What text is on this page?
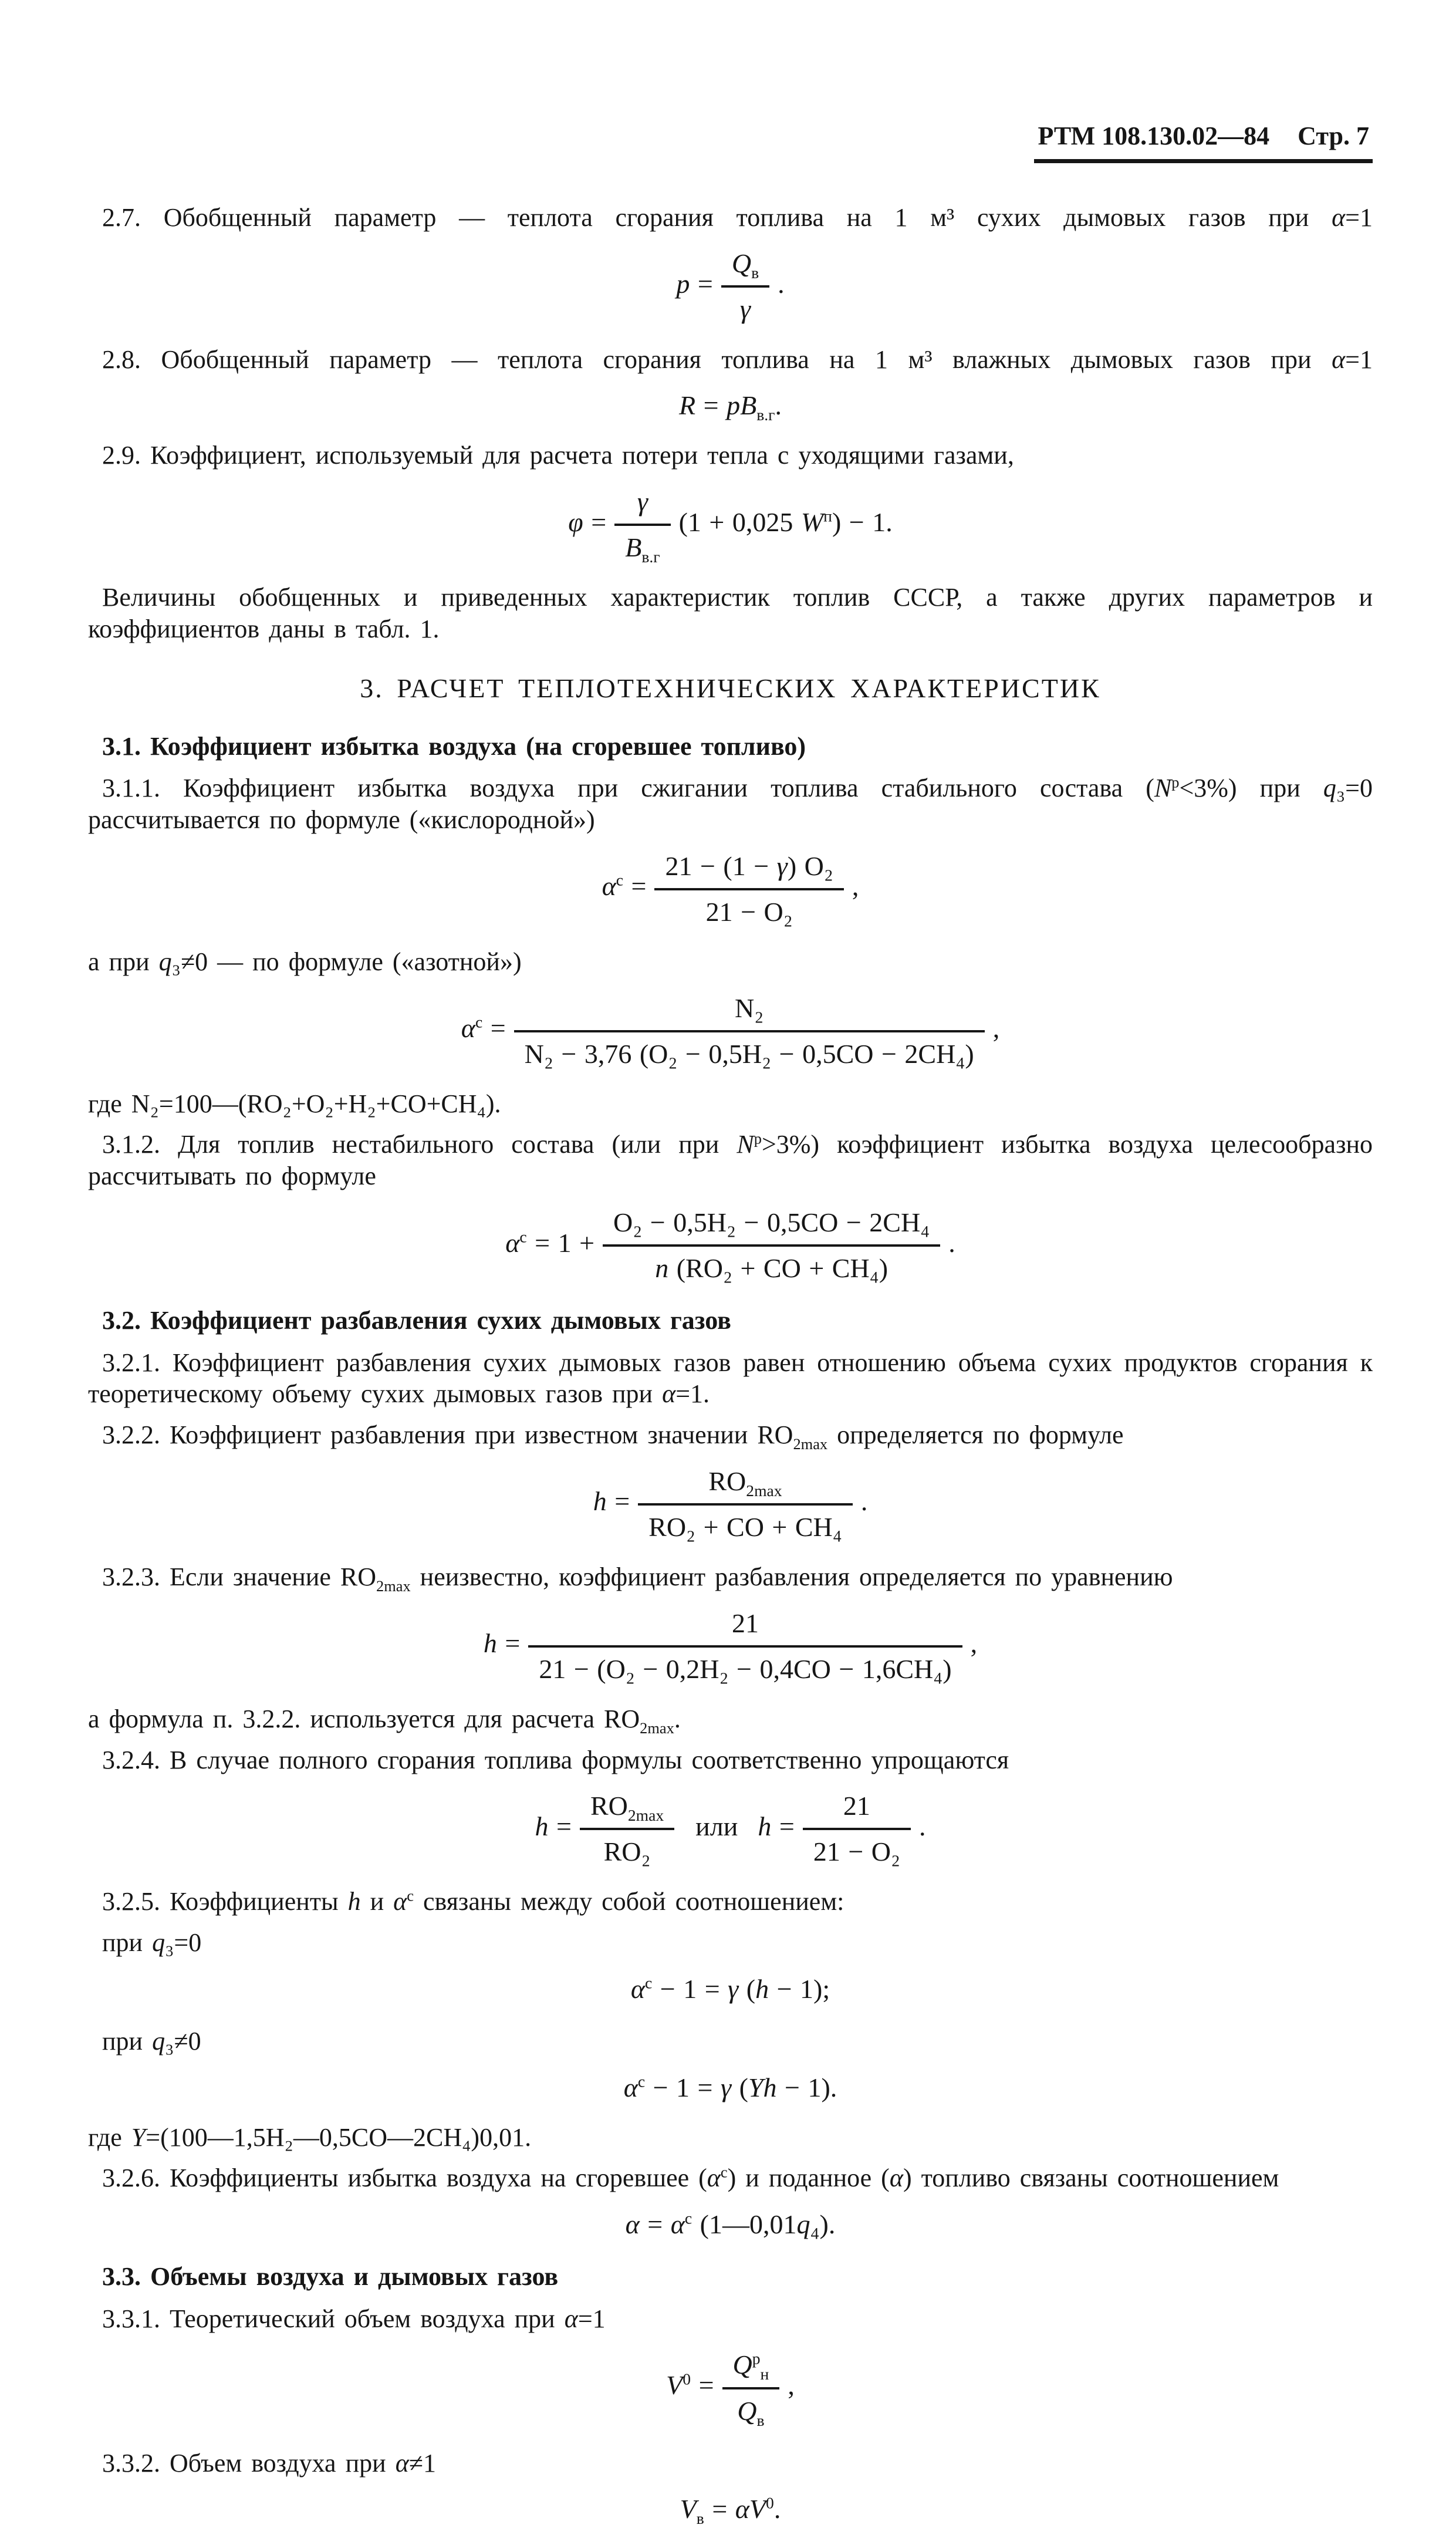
РТМ 108.130.02—84 Стр. 7

2.7. Обобщенный параметр — теплота сгорания топлива на 1 м³ сухих дымовых газов при α=1

$p = \frac{Q_в}{\gamma}$ .

2.8. Обобщенный параметр — теплота сгорания топлива на 1 м³ влажных дымовых газов при α=1

$R = pB_{в.г}$.

2.9. Коэффициент, используемый для расчета потери тепла с уходящими газами,

$\varphi = \frac{\gamma}{B_{в.г}} (1 + 0,025$ $W^п) - 1$.

Величины обобщенных и приведенных характеристик топлив СССР, а также других параметров и коэффициентов даны в табл. 1.

3. РАСЧЕТ ТЕПЛОТЕХНИЧЕСКИХ ХАРАКТЕРИСТИК

3.1. Коэффициент избытка воздуха (на сгоревшее топливо)

3.1.1. Коэффициент избытка воздуха при сжигании топлива стабильного состава $(N^р<3\%)$ при q₃=0 рассчитывается по формуле («кислородной»)

$\alpha^с = \frac{\text{21 − (1 − γ) O₂}}{\text{21 − O₂}}$ ,

а при q₃≠0 — по формуле («азотной»)

$\alpha^с = \frac{\text{N₂}}{\text{N₂ − 3,76 (O₂ − 0,5H₂ − 0,5CO − 2CH₄)}}$ ,

где N₂=100—(RO₂+O₂+H₂+CO+CH₄).

3.1.2. Для топлив нестабильного состава (или при $N^р>3\%$) коэффициент избытка воздуха целесообразно рассчитывать по формуле

$\alpha^с = 1 + \frac{\text{O₂ − 0,5H₂ − 0,5CO − 2CH₄}}{\text{n (RO₂ + CO + CH₄)}}$ .

3.2. Коэффициент разбавления сухих дымовых газов

3.2.1. Коэффициент разбавления сухих дымовых газов равен отношению объема сухих продуктов сгорания к теоретическому объему сухих дымовых газов при α=1.

3.2.2. Коэффициент разбавления при известном значении $RO_{2max}$ определяется по формуле

$h = \frac{RO_{2max}}{\text{RO₂ + CO + CH₄}}$ .

3.2.3. Если значение $RO_{2max}$ неизвестно, коэффициент разбавления определяется по уравнению

$h = \frac{21}{\text{21 − (O₂ − 0,2H₂ − 0,4CO − 1,6CH₄)}}$ ,

а формула п. 3.2.2. используется для расчета $RO_{2max}$.

3.2.4. В случае полного сгорания топлива формулы соответственно упрощаются

$h = \frac{RO_{2max}}{\text{RO₂}}$ или $h = \frac{21}{\text{21 − O₂}}$ .

3.2.5. Коэффициенты h и $\alpha^с$ связаны между собой соотношением:

при q₃=0

$\alpha^с - 1 = \gamma$ (h − 1);

при q₃≠0

$\alpha^с - 1 = \gamma$ (Yh − 1).

где Y=(100—1,5H₂—0,5CO—2CH₄)0,01.

3.2.6. Коэффициенты избытка воздуха на сгоревшее $(\alpha^с)$ и поданное (α) топливо связаны соотношением

$\alpha = \alpha^с$ (1—0,01q₄).

3.3. Объемы воздуха и дымовых газов

3.3.1. Теоретический объем воздуха при α=1

$V^0 = \frac{Q^р_н}{Q_в}$ ,

3.3.2. Объем воздуха при α≠1

$V_в = \alpha V^0$.
